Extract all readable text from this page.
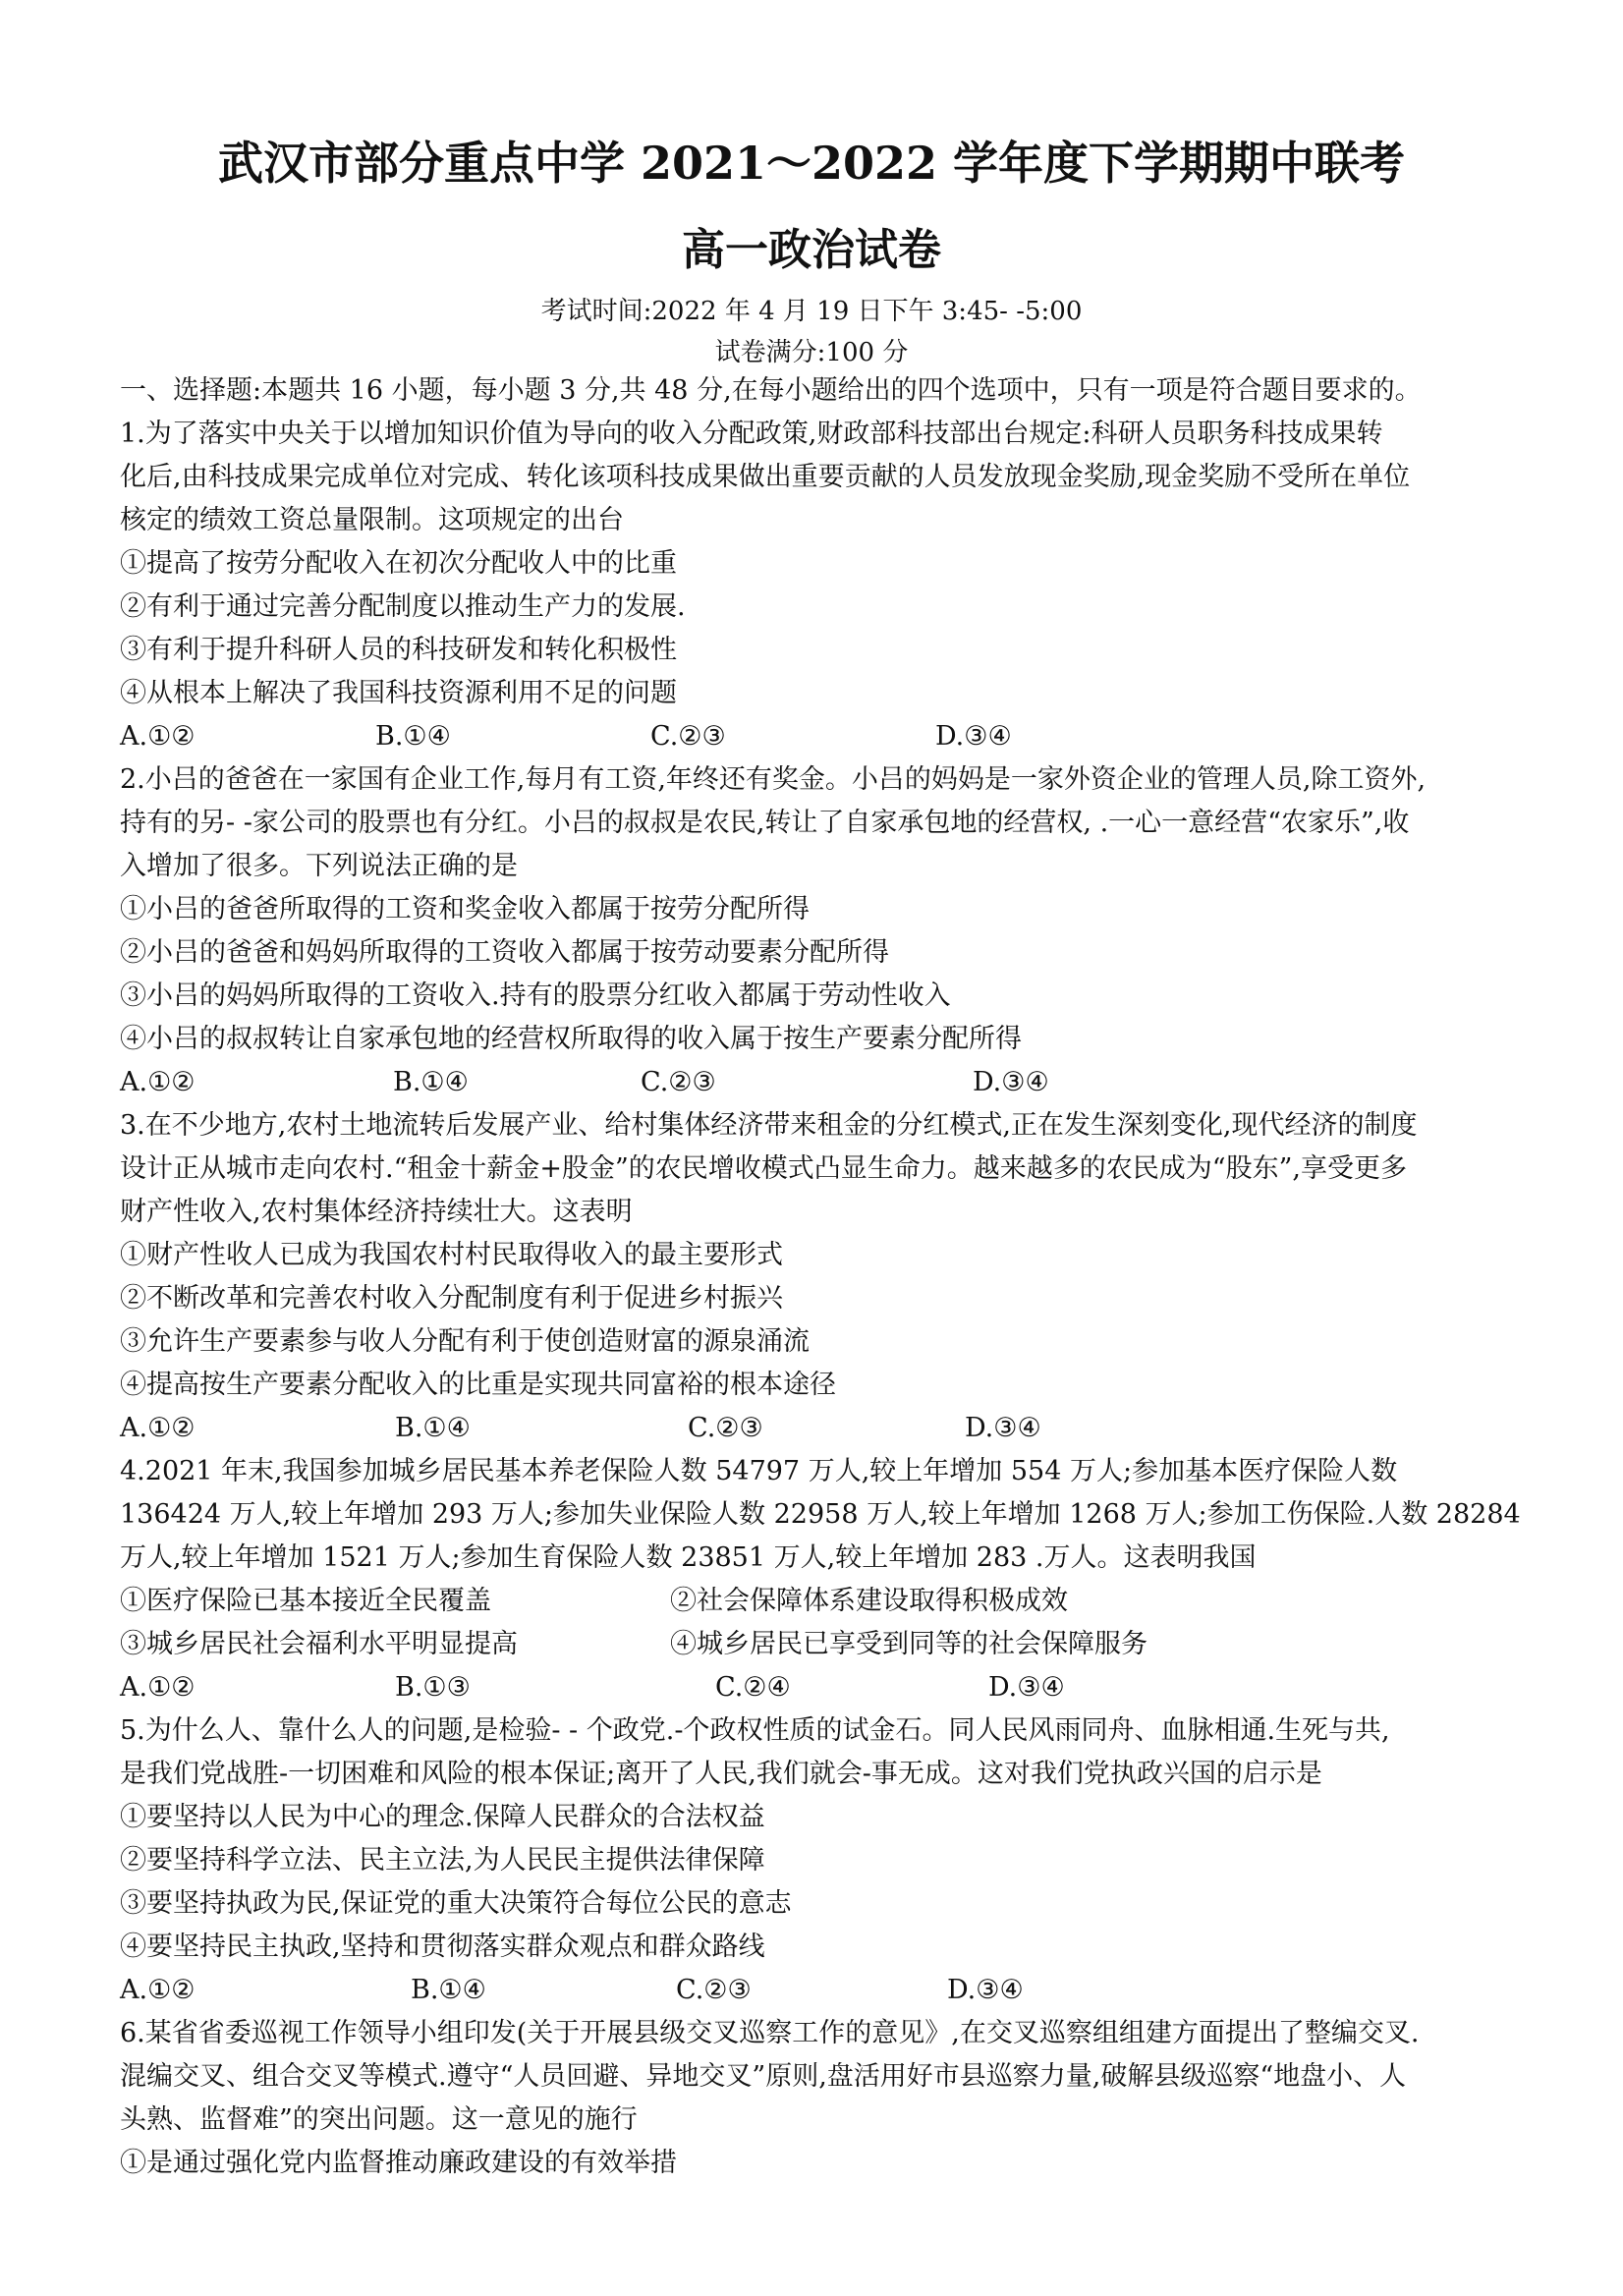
武汉市部分重点中学 2021～2022 学年度下学期期中联考
高一政治试卷
考试时间:2022 年 4 月 19 日下午 3:45- -5:00
试卷满分:100 分
一、选择题:本题共 16 小题，每小题 3 分,共 48 分,在每小题给出的四个选项中，只有一项是符合题目要求的。
1.为了落实中央关于以增加知识价值为导向的收入分配政策,财政部科技部出台规定:科研人员职务科技成果转
化后,由科技成果完成单位对完成、转化该项科技成果做出重要贡献的人员发放现金奖励,现金奖励不受所在单位
核定的绩效工资总量限制。这项规定的出台
①提高了按劳分配收入在初次分配收人中的比重
②有利于通过完善分配制度以推动生产力的发展.
③有利于提升科研人员的科技研发和转化积极性
④从根本上解决了我国科技资源利用不足的问题
A.①②	B.①④	C.②③	D.③④
2.小吕的爸爸在一家国有企业工作,每月有工资,年终还有奖金。小吕的妈妈是一家外资企业的管理人员,除工资外,
持有的另- -家公司的股票也有分红。小吕的叔叔是农民,转让了自家承包地的经营权, .一心一意经营“农家乐”,收
入增加了很多。下列说法正确的是
①小吕的爸爸所取得的工资和奖金收入都属于按劳分配所得
②小吕的爸爸和妈妈所取得的工资收入都属于按劳动要素分配所得
③小吕的妈妈所取得的工资收入.持有的股票分红收入都属于劳动性收入
④小吕的叔叔转让自家承包地的经营权所取得的收入属于按生产要素分配所得
A.①②	B.①④	C.②③	D.③④
3.在不少地方,农村土地流转后发展产业、给村集体经济带来租金的分红模式,正在发生深刻变化,现代经济的制度
设计正从城市走向农村.“租金十薪金+股金”的农民增收模式凸显生命力。越来越多的农民成为“股东”,享受更多
财产性收入,农村集体经济持续壮大。这表明
①财产性收人已成为我国农村村民取得收入的最主要形式
②不断改革和完善农村收入分配制度有利于促进乡村振兴
③允许生产要素参与收人分配有利于使创造财富的源泉涌流
④提高按生产要素分配收入的比重是实现共同富裕的根本途径
A.①②	B.①④	C.②③	D.③④
4.2021 年末,我国参加城乡居民基本养老保险人数 54797 万人,较上年增加 554 万人;参加基本医疗保险人数
136424 万人,较上年增加 293 万人;参加失业保险人数 22958 万人,较上年增加 1268 万人;参加工伤保险.人数 28284
万人,较上年增加 1521 万人;参加生育保险人数 23851 万人,较上年增加 283 .万人。这表明我国
①医疗保险已基本接近全民覆盖	②社会保障体系建设取得积极成效
③城乡居民社会福利水平明显提高	④城乡居民已享受到同等的社会保障服务
A.①②	B.①③	C.②④	D.③④
5.为什么人、靠什么人的问题,是检验- - 个政党.-个政权性质的试金石。同人民风雨同舟、血脉相通.生死与共,
是我们党战胜-一切困难和风险的根本保证;离开了人民,我们就会-事无成。这对我们党执政兴国的启示是
①要坚持以人民为中心的理念.保障人民群众的合法权益
②要坚持科学立法、民主立法,为人民民主提供法律保障
③要坚持执政为民,保证党的重大决策符合每位公民的意志
④要坚持民主执政,坚持和贯彻落实群众观点和群众路线
A.①②	B.①④	C.②③	D.③④
6.某省省委巡视工作领导小组印发(关于开展县级交叉巡察工作的意见》,在交叉巡察组组建方面提出了整编交叉.
混编交叉、组合交叉等模式.遵守“人员回避、异地交叉”原则,盘活用好市县巡察力量,破解县级巡察“地盘小、人
头熟、监督难”的突出问题。这一意见的施行
①是通过强化党内监督推动廉政建设的有效举措
